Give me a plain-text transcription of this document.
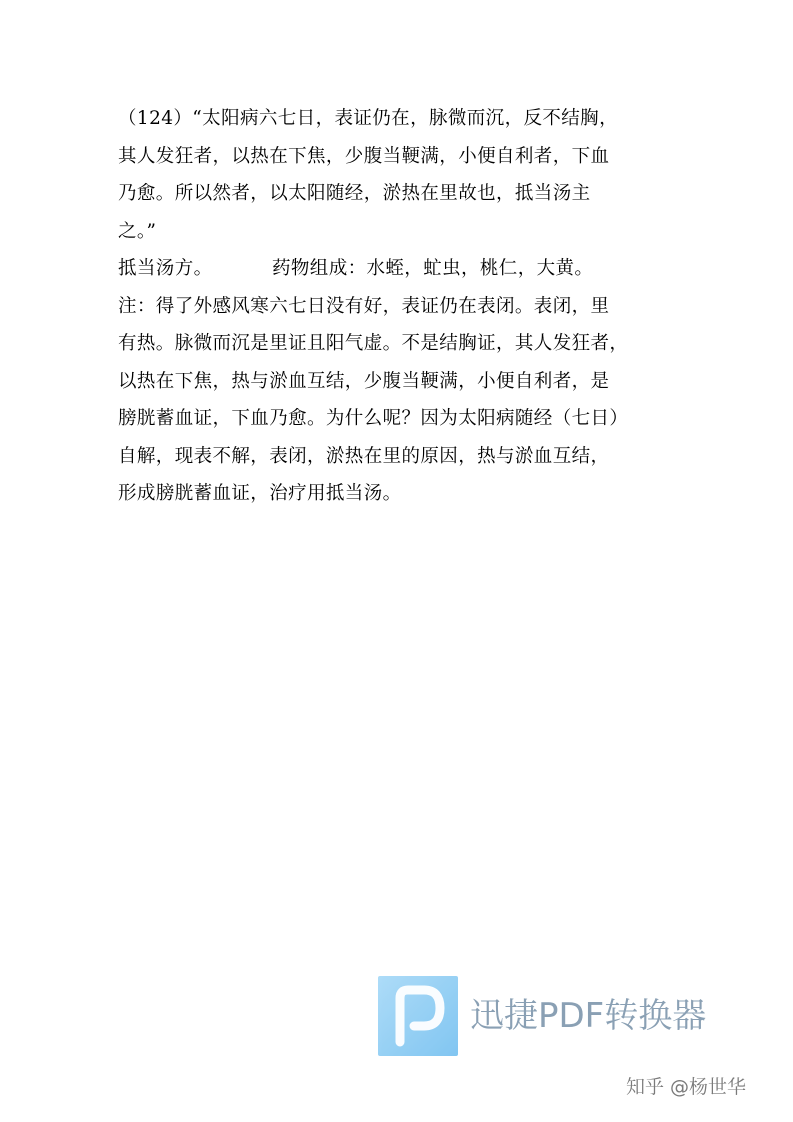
（124）“太阳病六七日，表证仍在，脉微而沉，反不结胸，
其人发狂者，以热在下焦，少腹当鞕满，小便自利者，下血
乃愈。所以然者，以太阳随经，淤热在里故也，抵当汤主
之。”
抵当汤方。	药物组成：水蛭，虻虫，桃仁，大黄。
注：得了外感风寒六七日没有好，表证仍在表闭。表闭，里
有热。脉微而沉是里证且阳气虚。不是结胸证，其人发狂者，
以热在下焦，热与淤血互结，少腹当鞕满，小便自利者，是
膀胱蓄血证，下血乃愈。为什么呢？因为太阳病随经（七日）
自解，现表不解，表闭，淤热在里的原因，热与淤血互结，
形成膀胱蓄血证，治疗用抵当汤。
迅捷PDF转换器
知乎 @杨世华
